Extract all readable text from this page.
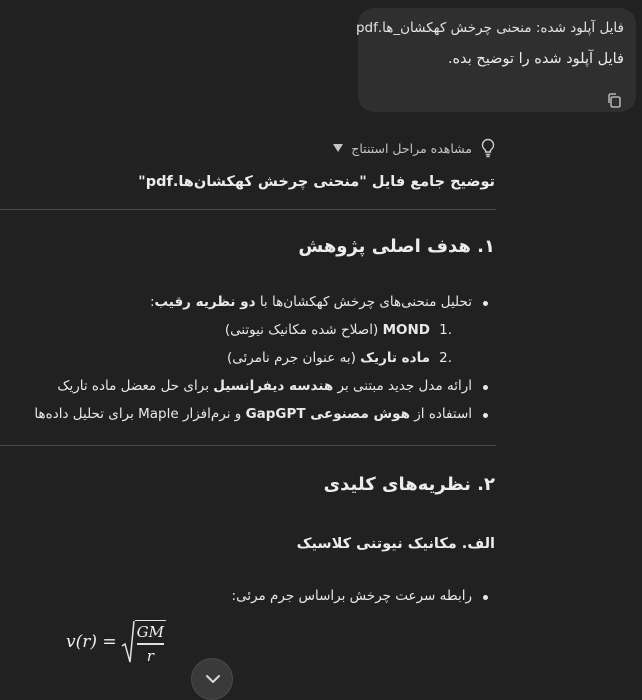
فایل آپلود شده: منحنی چرخش کهکشان_ها.pdf
فایل آپلود شده را توضیح بده.
مشاهده مراحل استنتاج
توضیح جامع فایل "منحنی چرخش کهکشان‌ها.pdf"
۱. هدف اصلی پژوهش
تحلیل منحنی‌های چرخش کهکشان‌ها با دو نظریه رقیب:
1.
MOND (اصلاح شده مکانیک نیوتنی)
2.
ماده تاریک (به عنوان جرم نامرئی)
ارائه مدل جدید مبتنی بر هندسه دیفرانسیل برای حل معضل ماده تاریک
استفاده از هوش مصنوعی GapGPT و نرم‌افزار Maple برای تحلیل داده‌ها
۲. نظریه‌های کلیدی
الف. مکانیک نیوتنی کلاسیک
رابطه سرعت چرخش براساس جرم مرئی:
$v(r) = \frac{GM}{r}$
